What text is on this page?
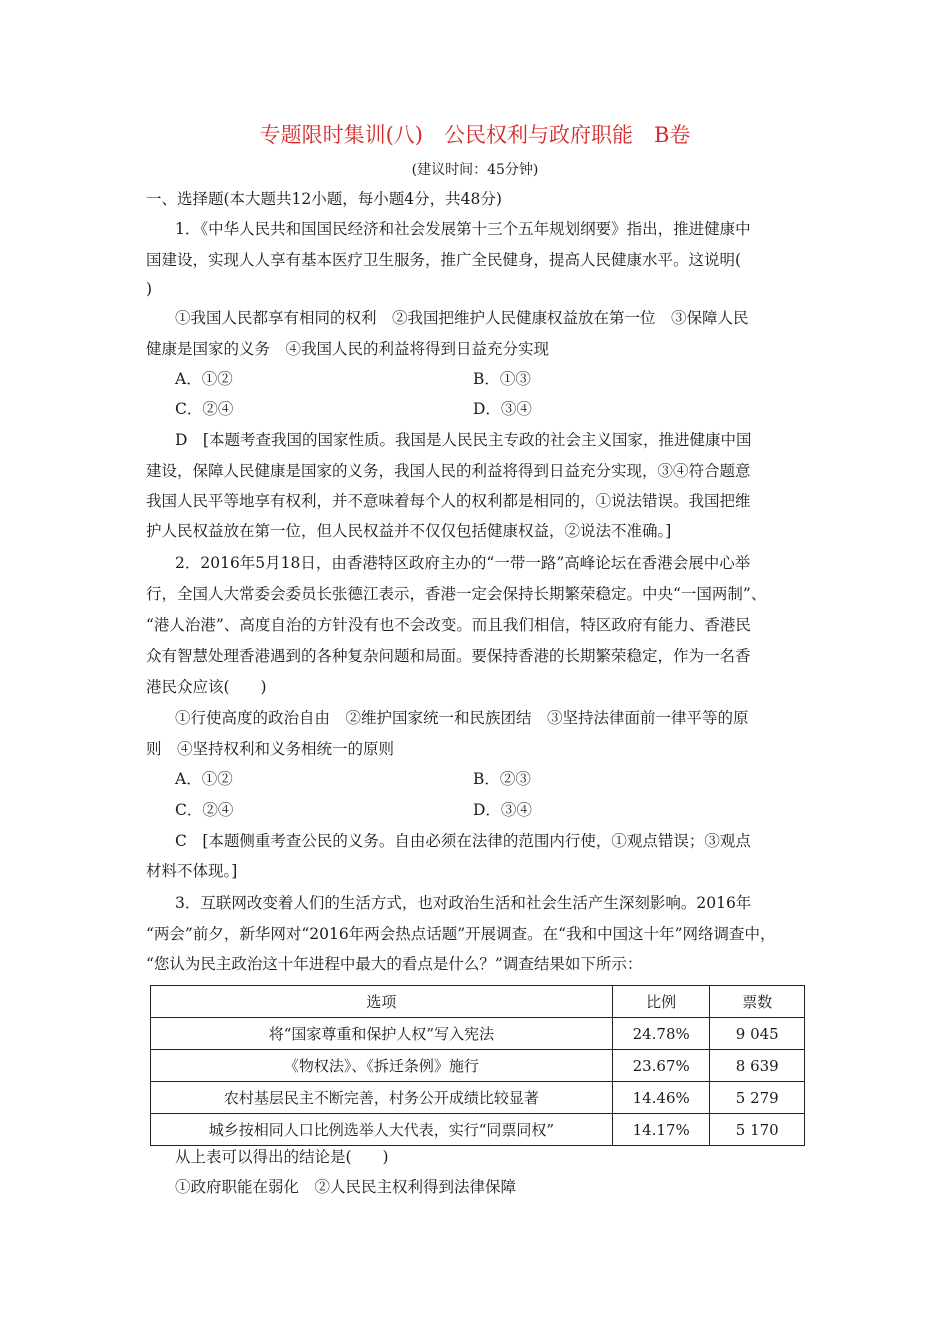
专题限时集训(八)　公民权利与政府职能　B卷
(建议时间：45分钟)
一、选择题(本大题共12小题，每小题4分，共48分)
1．《中华人民共和国国民经济和社会发展第十三个五年规划纲要》指出，推进健康中
国建设，实现人人享有基本医疗卫生服务，推广全民健身，提高人民健康水平。这说明(
)
①我国人民都享有相同的权利　②我国把维护人民健康权益放在第一位　③保障人民
健康是国家的义务　④我国人民的利益将得到日益充分实现
A．①②	B．①③
C．②④	D．③④
D　[本题考查我国的国家性质。我国是人民民主专政的社会主义国家，推进健康中国
建设，保障人民健康是国家的义务，我国人民的利益将得到日益充分实现，③④符合题意
我国人民平等地享有权利，并不意味着每个人的权利都是相同的，①说法错误。我国把维
护人民权益放在第一位，但人民权益并不仅仅包括健康权益，②说法不准确。]
2．2016年5月18日，由香港特区政府主办的“一带一路”高峰论坛在香港会展中心举
行，全国人大常委会委员长张德江表示，香港一定会保持长期繁荣稳定。中央“一国两制”、
“港人治港”、高度自治的方针没有也不会改变。而且我们相信，特区政府有能力、香港民
众有智慧处理香港遇到的各种复杂问题和局面。要保持香港的长期繁荣稳定，作为一名香
港民众应该(　　)
①行使高度的政治自由　②维护国家统一和民族团结　③坚持法律面前一律平等的原
则　④坚持权利和义务相统一的原则
A．①②	B．②③
C．②④	D．③④
C　[本题侧重考查公民的义务。自由必须在法律的范围内行使，①观点错误；③观点
材料不体现。]
3．互联网改变着人们的生活方式，也对政治生活和社会生活产生深刻影响。2016年
“两会”前夕，新华网对“2016年两会热点话题”开展调查。在“我和中国这十年”网络调查中，
“您认为民主政治这十年进程中最大的看点是什么？”调查结果如下所示：
选项	比例	票数
将“国家尊重和保护人权”写入宪法	24.78%	9 045
《物权法》、《拆迁条例》施行	23.67%	8 639
农村基层民主不断完善，村务公开成绩比较显著	14.46%	5 279
城乡按相同人口比例选举人大代表，实行“同票同权”	14.17%	5 170
从上表可以得出的结论是(　　)
①政府职能在弱化　②人民民主权利得到法律保障
